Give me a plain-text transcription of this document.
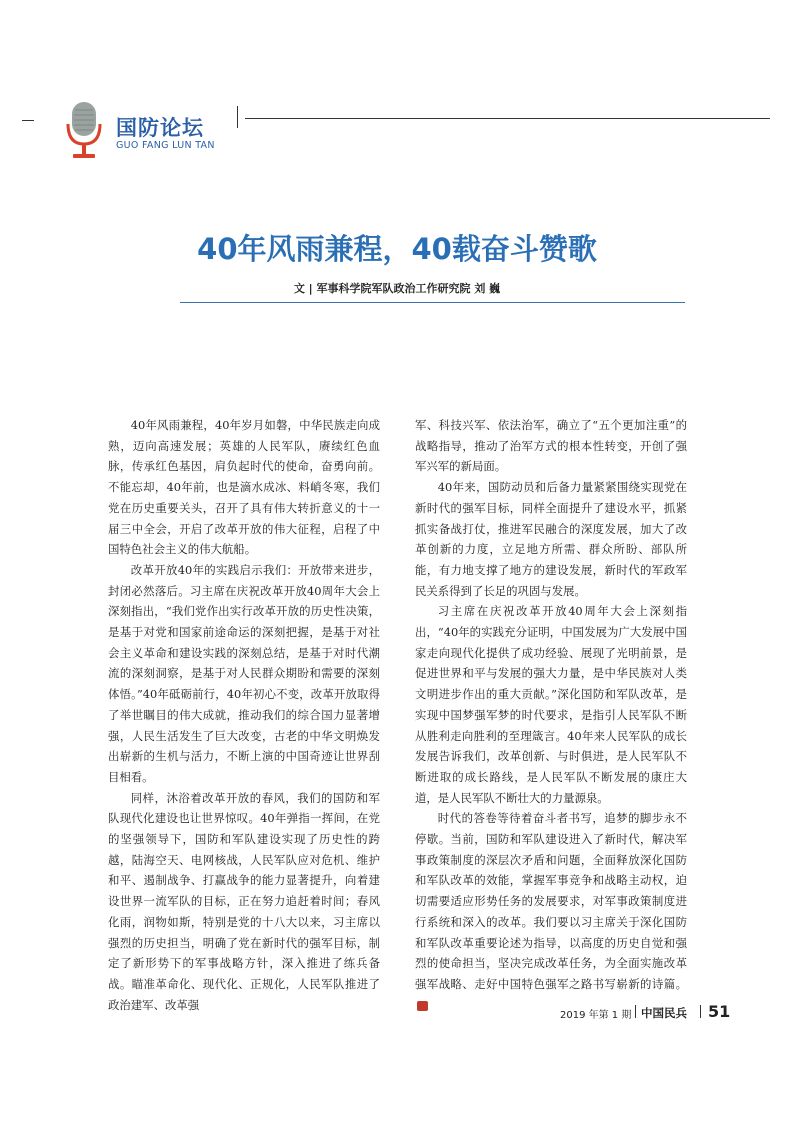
国防论坛
GUO FANG LUN TAN
40年风雨兼程，40载奋斗赞歌
文 | 军事科学院军队政治工作研究院 刘 巍

40年风雨兼程，40年岁月如磐，中华民族走向成熟，迈向高速发展；英雄的人民军队，赓续红色血脉，传承红色基因，肩负起时代的使命，奋勇向前。不能忘却，40年前，也是滴水成冰、料峭冬寒，我们党在历史重要关头，召开了具有伟大转折意义的十一届三中全会，开启了改革开放的伟大征程，启程了中国特色社会主义的伟大航船。

改革开放40年的实践启示我们：开放带来进步，封闭必然落后。习主席在庆祝改革开放40周年大会上深刻指出，“我们党作出实行改革开放的历史性决策，是基于对党和国家前途命运的深刻把握，是基于对社会主义革命和建设实践的深刻总结，是基于对时代潮流的深刻洞察，是基于对人民群众期盼和需要的深刻体悟。”40年砥砺前行，40年初心不变，改革开放取得了举世瞩目的伟大成就，推动我们的综合国力显著增强，人民生活发生了巨大改变，古老的中华文明焕发出崭新的生机与活力，不断上演的中国奇迹让世界刮目相看。

同样，沐浴着改革开放的春风，我们的国防和军队现代化建设也让世界惊叹。40年弹指一挥间，在党的坚强领导下，国防和军队建设实现了历史性的跨越，陆海空天、电网核战，人民军队应对危机、维护和平、遏制战争、打赢战争的能力显著提升，向着建设世界一流军队的目标，正在努力追赶着时间；春风化雨，润物如斯，特别是党的十八大以来，习主席以强烈的历史担当，明确了党在新时代的强军目标，制定了新形势下的军事战略方针，深入推进了练兵备战。瞄准革命化、现代化、正规化，人民军队推进了政治建军、改革强

军、科技兴军、依法治军，确立了“五个更加注重”的战略指导，推动了治军方式的根本性转变，开创了强军兴军的新局面。

40年来，国防动员和后备力量紧紧围绕实现党在新时代的强军目标，同样全面提升了建设水平，抓紧抓实备战打仗，推进军民融合的深度发展，加大了改革创新的力度，立足地方所需、群众所盼、部队所能，有力地支撑了地方的建设发展，新时代的军政军民关系得到了长足的巩固与发展。

习主席在庆祝改革开放40周年大会上深刻指出，“40年的实践充分证明，中国发展为广大发展中国家走向现代化提供了成功经验、展现了光明前景，是促进世界和平与发展的强大力量，是中华民族对人类文明进步作出的重大贡献。”深化国防和军队改革，是实现中国梦强军梦的时代要求，是指引人民军队不断从胜利走向胜利的至理箴言。40年来人民军队的成长发展告诉我们，改革创新、与时俱进，是人民军队不断进取的成长路线，是人民军队不断发展的康庄大道，是人民军队不断壮大的力量源泉。

时代的答卷等待着奋斗者书写，追梦的脚步永不停歇。当前，国防和军队建设进入了新时代，解决军事政策制度的深层次矛盾和问题，全面释放深化国防和军队改革的效能，掌握军事竞争和战略主动权，迫切需要适应形势任务的发展要求，对军事政策制度进行系统和深入的改革。我们要以习主席关于深化国防和军队改革重要论述为指导，以高度的历史自觉和强烈的使命担当，坚决完成改革任务，为全面实施改革强军战略、走好中国特色强军之路书写崭新的诗篇。

2019 年第 1 期 中国民兵 51
